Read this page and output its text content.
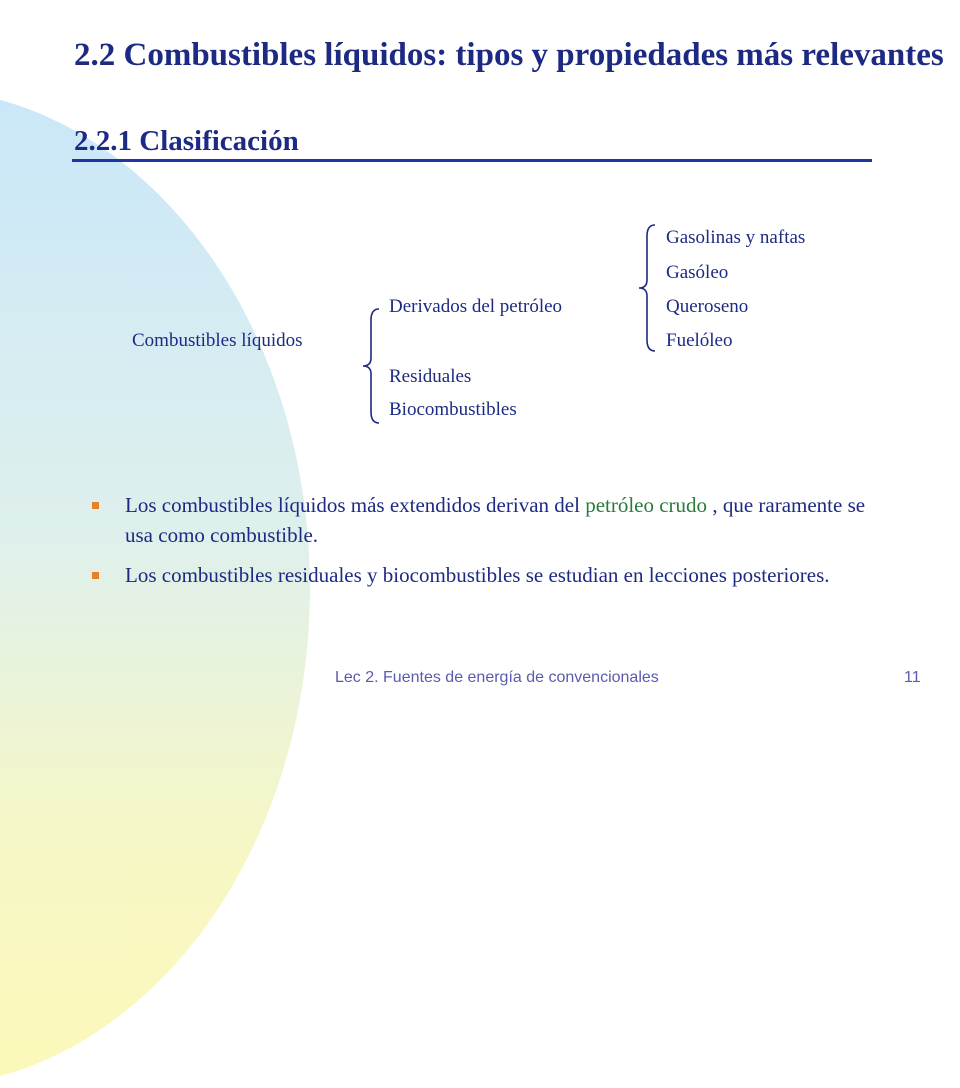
2.2 Combustibles líquidos: tipos y propiedades más relevantes
2.2.1 Clasificación
Combustibles líquidos
Derivados del petróleo
Residuales
Biocombustibles
Gasolinas y naftas
Gasóleo
Queroseno
Fuelóleo
Los combustibles líquidos más extendidos derivan del petróleo crudo , que raramente se usa como combustible.
Los combustibles residuales y biocombustibles se estudian en lecciones posteriores.
Lec 2. Fuentes de energía de convencionales	11
